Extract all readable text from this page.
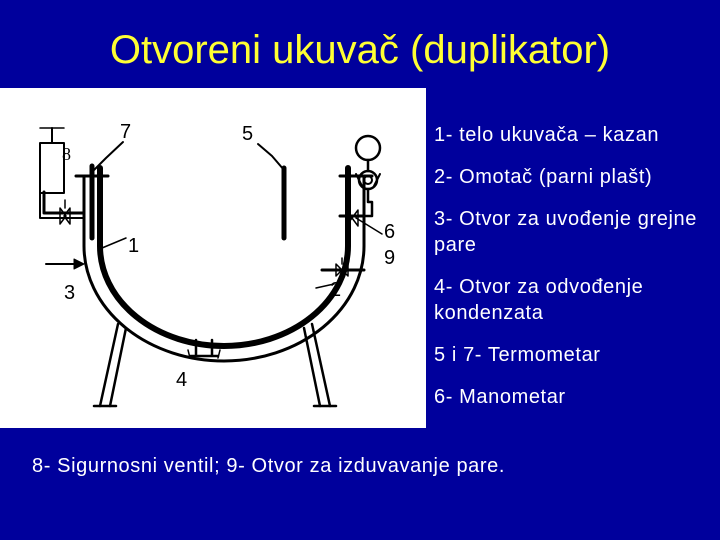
Otvoreni ukuvač (duplikator)
7	5
8
1
6
9
3	2
4
1- telo ukuvača – kazan
2- Omotač (parni plašt)
3- Otvor za uvođenje grejne pare
4- Otvor za odvođenje kondenzata
5 i 7- Termometar
6- Manometar
8- Sigurnosni ventil; 9- Otvor za izduvavanje pare.
